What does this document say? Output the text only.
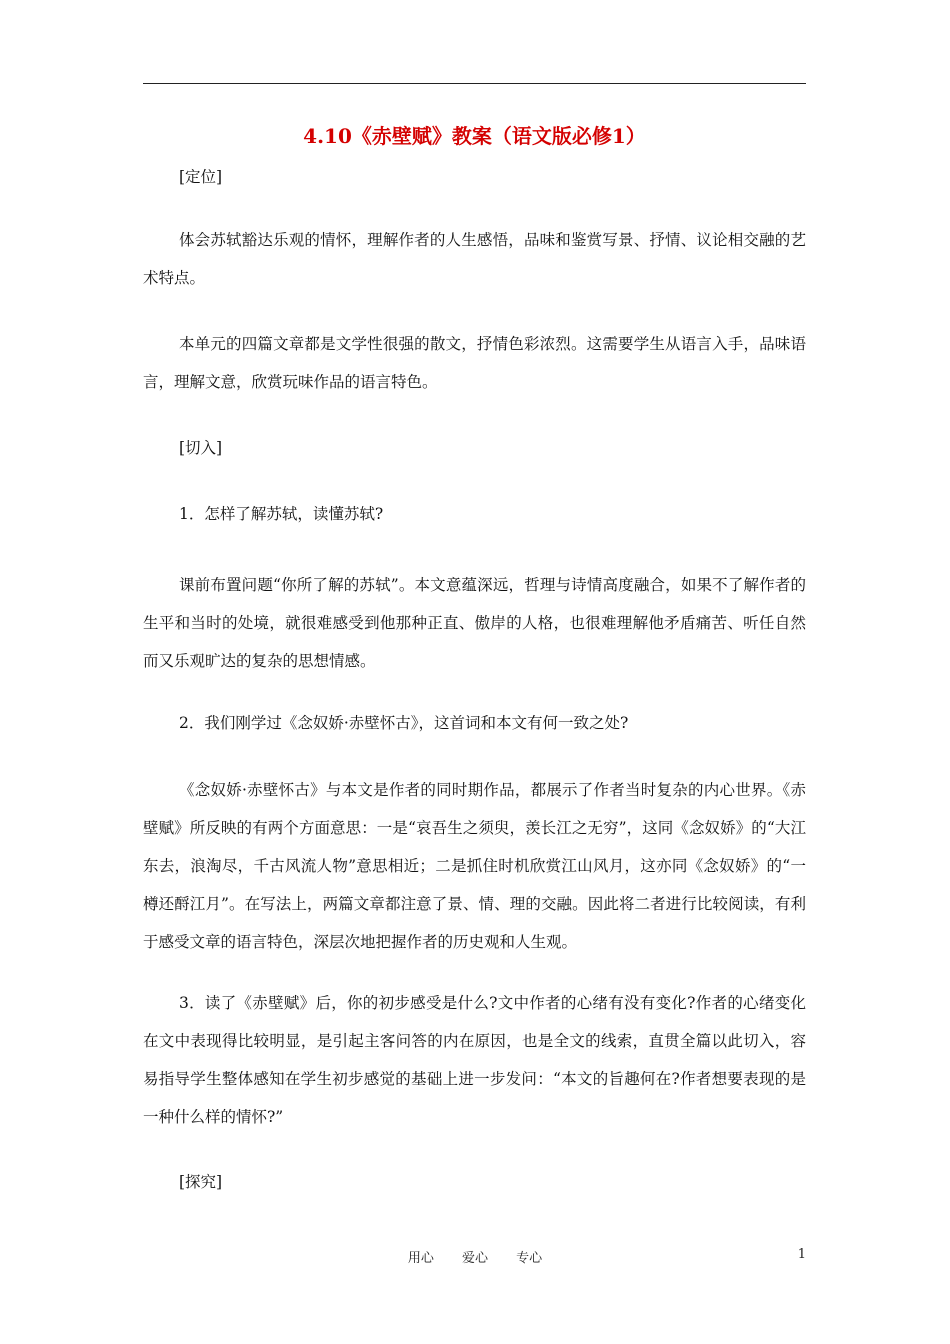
4.10《赤壁赋》教案（语文版必修1）

[定位]

体会苏轼豁达乐观的情怀，理解作者的人生感悟，品味和鉴赏写景、抒情、议论相交融的艺术特点。

本单元的四篇文章都是文学性很强的散文，抒情色彩浓烈。这需要学生从语言入手，品味语言，理解文意，欣赏玩味作品的语言特色。

[切入]

1．怎样了解苏轼，读懂苏轼?

课前布置问题“你所了解的苏轼”。本文意蕴深远，哲理与诗情高度融合，如果不了解作者的生平和当时的处境，就很难感受到他那种正直、傲岸的人格，也很难理解他矛盾痛苦、听任自然而又乐观旷达的复杂的思想情感。

2．我们刚学过《念奴娇·赤壁怀古》，这首词和本文有何一致之处?

《念奴娇·赤壁怀古》与本文是作者的同时期作品，都展示了作者当时复杂的内心世界。《赤壁赋》所反映的有两个方面意思：一是“哀吾生之须臾，羡长江之无穷”，这同《念奴娇》的“大江东去，浪淘尽，千古风流人物”意思相近；二是抓住时机欣赏江山风月，这亦同《念奴娇》的“一樽还酹江月”。在写法上，两篇文章都注意了景、情、理的交融。因此将二者进行比较阅读，有利于感受文章的语言特色，深层次地把握作者的历史观和人生观。

3．读了《赤壁赋》后，你的初步感受是什么?文中作者的心绪有没有变化?作者的心绪变化在文中表现得比较明显，是引起主客问答的内在原因，也是全文的线索，直贯全篇以此切入，容易指导学生整体感知在学生初步感觉的基础上进一步发问：“本文的旨趣何在?作者想要表现的是一种什么样的情怀?”

[探究]

用心 爱心 专心	1
